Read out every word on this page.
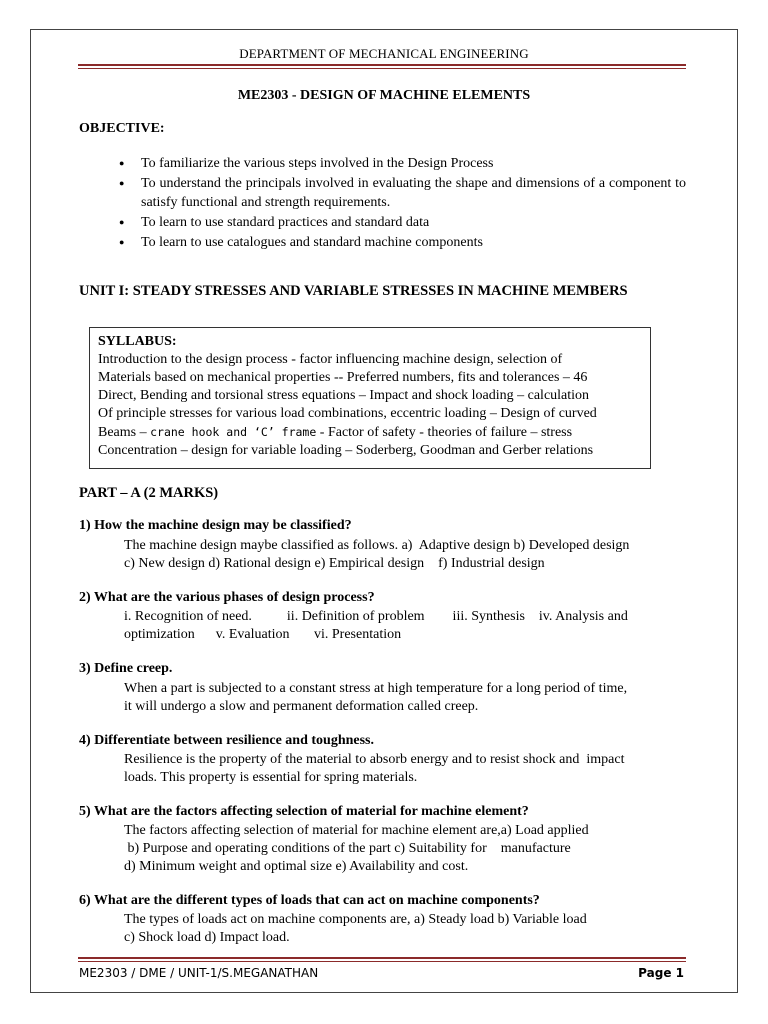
DEPARTMENT OF MECHANICAL ENGINEERING
ME2303 - DESIGN OF MACHINE ELEMENTS
OBJECTIVE:
● To familiarize the various steps involved in the Design Process
● To understand the principals involved in evaluating the shape and dimensions of a component to satisfy functional and strength requirements.
● To learn to use standard practices and standard data
● To learn to use catalogues and standard machine components
UNIT I: STEADY STRESSES AND VARIABLE STRESSES IN MACHINE MEMBERS
SYLLABUS:
Introduction to the design process - factor influencing machine design, selection of
Materials based on mechanical properties -- Preferred numbers, fits and tolerances – 46
Direct, Bending and torsional stress equations – Impact and shock loading – calculation
Of principle stresses for various load combinations, eccentric loading – Design of curved
Beams – crane hook and ‘C’ frame - Factor of safety - theories of failure – stress
Concentration – design for variable loading – Soderberg, Goodman and Gerber relations
PART – A (2 MARKS)
1) How the machine design may be classified?
The machine design maybe classified as follows. a)  Adaptive design b) Developed design
c) New design d) Rational design e) Empirical design    f) Industrial design
2) What are the various phases of design process?
i. Recognition of need.          ii. Definition of problem        iii. Synthesis    iv. Analysis and
optimization      v. Evaluation       vi. Presentation
3) Define creep.
When a part is subjected to a constant stress at high temperature for a long period of time,
it will undergo a slow and permanent deformation called creep.
4) Differentiate between resilience and toughness.
Resilience is the property of the material to absorb energy and to resist shock and  impact
loads. This property is essential for spring materials.
5) What are the factors affecting selection of material for machine element?
The factors affecting selection of material for machine element are,a) Load applied
b) Purpose and operating conditions of the part c) Suitability for    manufacture
d) Minimum weight and optimal size e) Availability and cost.
6) What are the different types of loads that can act on machine components?
The types of loads act on machine components are, a) Steady load b) Variable load
c) Shock load d) Impact load.
ME2303 / DME / UNIT-1/S.MEGANATHAN	Page 1
